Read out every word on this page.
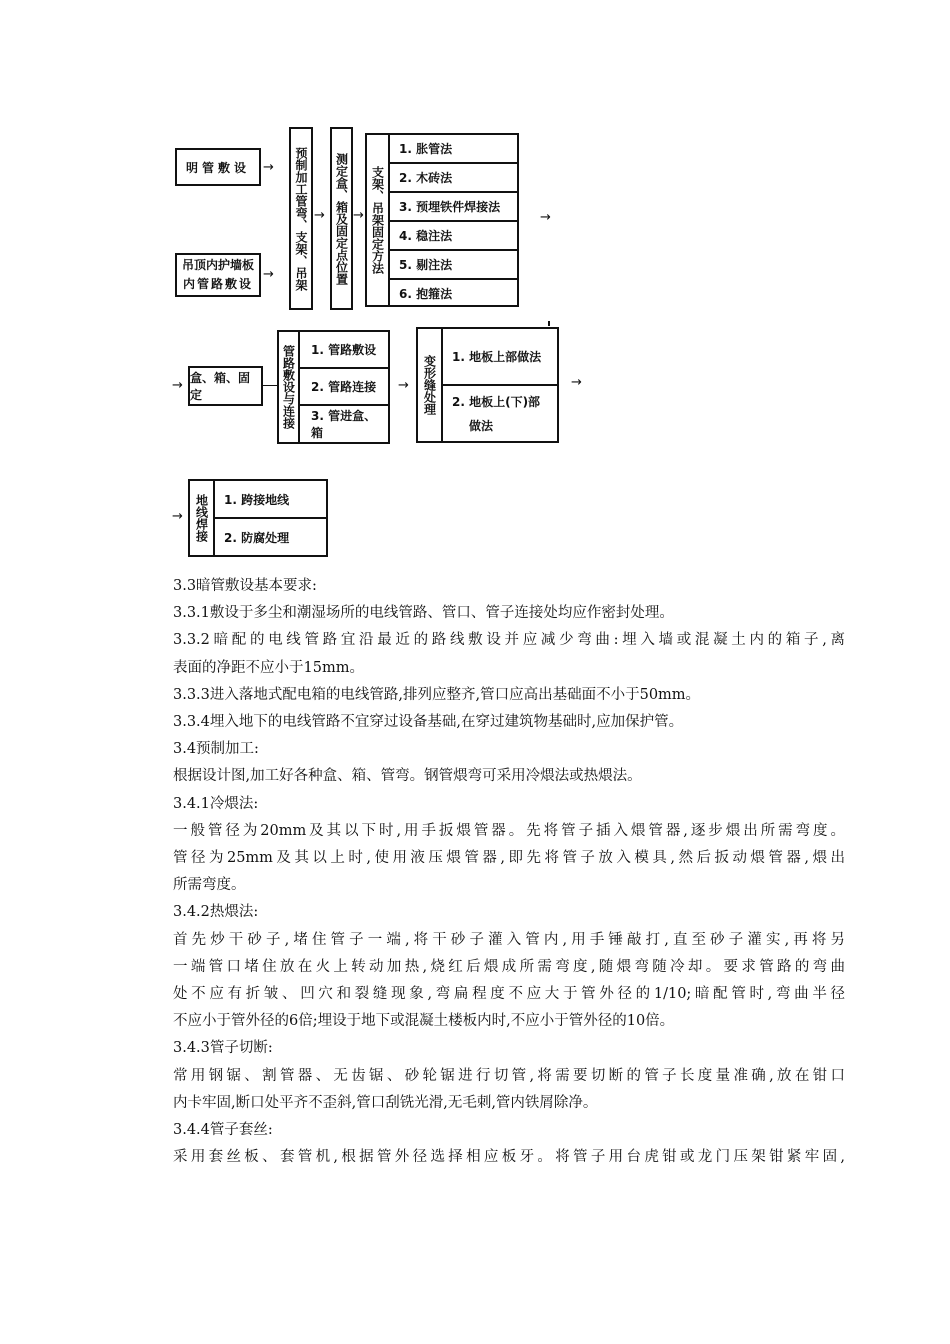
明管敷设 →
吊顶内护墙板
内管路敷设
→ 预制加工管弯、支架、吊架 → 测定盒、箱及固定点位置 → 支架、吊架固定方法
1. 胀管法
2. 木砖法
3. 预埋铁件焊接法
4. 稳注法
5. 剔注法
6. 抱箍法
→
→ 盒、箱、固定	管路敷设与连接 1. 管路敷设
2. 管路连接
3. 管进盒、箱
→ 变形缝处理 1. 地板上部做法
2. 地板上(下)部
做法
→
→ 地线焊接 1. 跨接地线
2. 防腐处理

3.3暗管敷设基本要求:

3.3.1敷设于多尘和潮湿场所的电线管路、管口、管子连接处均应作密封处理。

3.3.2暗配的电线管路宜沿最近的路线敷设并应减少弯曲:埋入墙或混凝土内的箱子,离

表面的净距不应小于15mm。

3.3.3进入落地式配电箱的电线管路,排列应整齐,管口应高出基础面不小于50mm。

3.3.4埋入地下的电线管路不宜穿过设备基础,在穿过建筑物基础时,应加保护管。

3.4预制加工:

根据设计图,加工好各种盒、箱、管弯。钢管煨弯可采用冷煨法或热煨法。

3.4.1冷煨法:

一般管径为20mm及其以下时,用手扳煨管器。先将管子插入煨管器,逐步煨出所需弯度。

管径为25mm及其以上时,使用液压煨管器,即先将管子放入模具,然后扳动煨管器,煨出

所需弯度。

3.4.2热煨法:

首先炒干砂子,堵住管子一端,将干砂子灌入管内,用手锤敲打,直至砂子灌实,再将另

一端管口堵住放在火上转动加热,烧红后煨成所需弯度,随煨弯随冷却。要求管路的弯曲

处不应有折皱、凹穴和裂缝现象,弯扁程度不应大于管外径的1/10;暗配管时,弯曲半径

不应小于管外径的6倍;埋设于地下或混凝土楼板内时,不应小于管外径的10倍。

3.4.3管子切断:

常用钢锯、割管器、无齿锯、砂轮锯进行切管,将需要切断的管子长度量准确,放在钳口

内卡牢固,断口处平齐不歪斜,管口刮铣光滑,无毛刺,管内铁屑除净。

3.4.4管子套丝:

采用套丝板、套管机,根据管外径选择相应板牙。将管子用台虎钳或龙门压架钳紧牢固,
